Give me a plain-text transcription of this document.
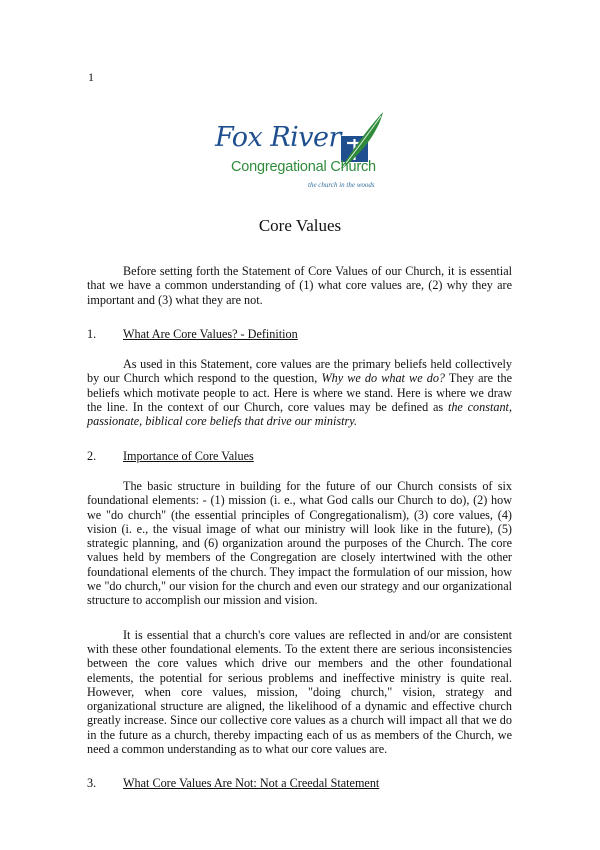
1
Fox River
Congregational Church
the church in the woods
Core Values

Before setting forth the Statement of Core Values of our Church, it is essential that we have a common understanding of (1) what core values are, (2) why they are important and (3) what they are not.

1.	What Are Core Values? - Definition

As used in this Statement, core values are the primary beliefs held collectively by our Church which respond to the question, Why we do what we do? They are the beliefs which motivate people to act. Here is where we stand. Here is where we draw the line. In the context of our Church, core values may be defined as the constant, passionate, biblical core beliefs that drive our ministry.

2.	Importance of Core Values

The basic structure in building for the future of our Church consists of six foundational elements: - (1) mission (i. e., what God calls our Church to do), (2) how we "do church" (the essential principles of Congregationalism), (3) core values, (4) vision (i. e., the visual image of what our ministry will look like in the future), (5) strategic planning, and (6) organization around the purposes of the Church. The core values held by members of the Congregation are closely intertwined with the other foundational elements of the church. They impact the formulation of our mission, how we "do church," our vision for the church and even our strategy and our organizational structure to accomplish our mission and vision.

It is essential that a church's core values are reflected in and/or are consistent with these other foundational elements. To the extent there are serious inconsistencies between the core values which drive our members and the other foundational elements, the potential for serious problems and ineffective ministry is quite real. However, when core values, mission, "doing church," vision, strategy and organizational structure are aligned, the likelihood of a dynamic and effective church greatly increase. Since our collective core values as a church will impact all that we do in the future as a church, thereby impacting each of us as members of the Church, we need a common understanding as to what our core values are.

3.	What Core Values Are Not: Not a Creedal Statement
